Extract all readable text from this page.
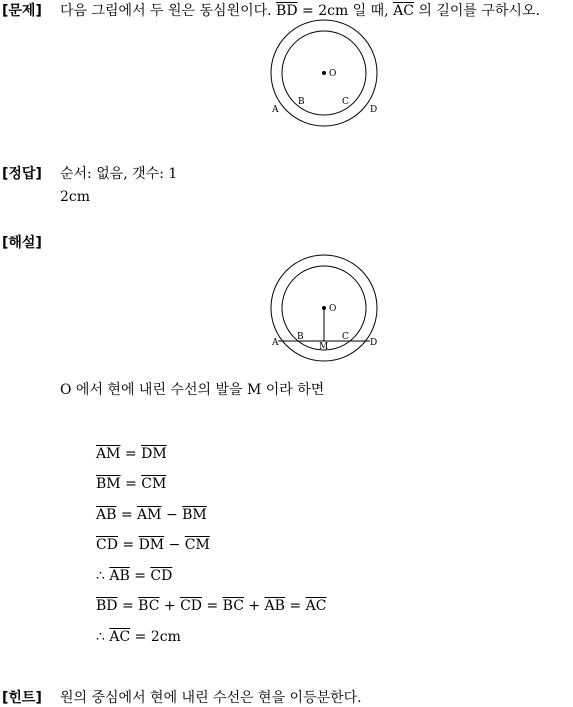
[문제] 다음 그림에서 두 원은 동심원이다. $\overline{BD} = 2cm$ 일 때, $\overline{AC}$ 의 길이를 구하시오.
O
A
B	C
D
[정답] 순서: 없음, 갯수: 1
2cm
[해설]
O
A
B	C
D
M
O 에서 현에 내린 수선의 발을 M 이라 하면
$\overline{AM} = \overline{DM}$
$\overline{BM} = \overline{CM}$
$\overline{AB} = \overline{AM} - \overline{BM}$
$\overline{CD} = \overline{DM} - \overline{CM}$
∴ $\overline{AB} = \overline{CD}$
$\overline{BD} = \overline{BC} + \overline{CD} = \overline{BC} + \overline{AB} = \overline{AC}$
∴ $\overline{AC} = 2cm$
[힌트] 원의 중심에서 현에 내린 수선은 현을 이등분한다.
